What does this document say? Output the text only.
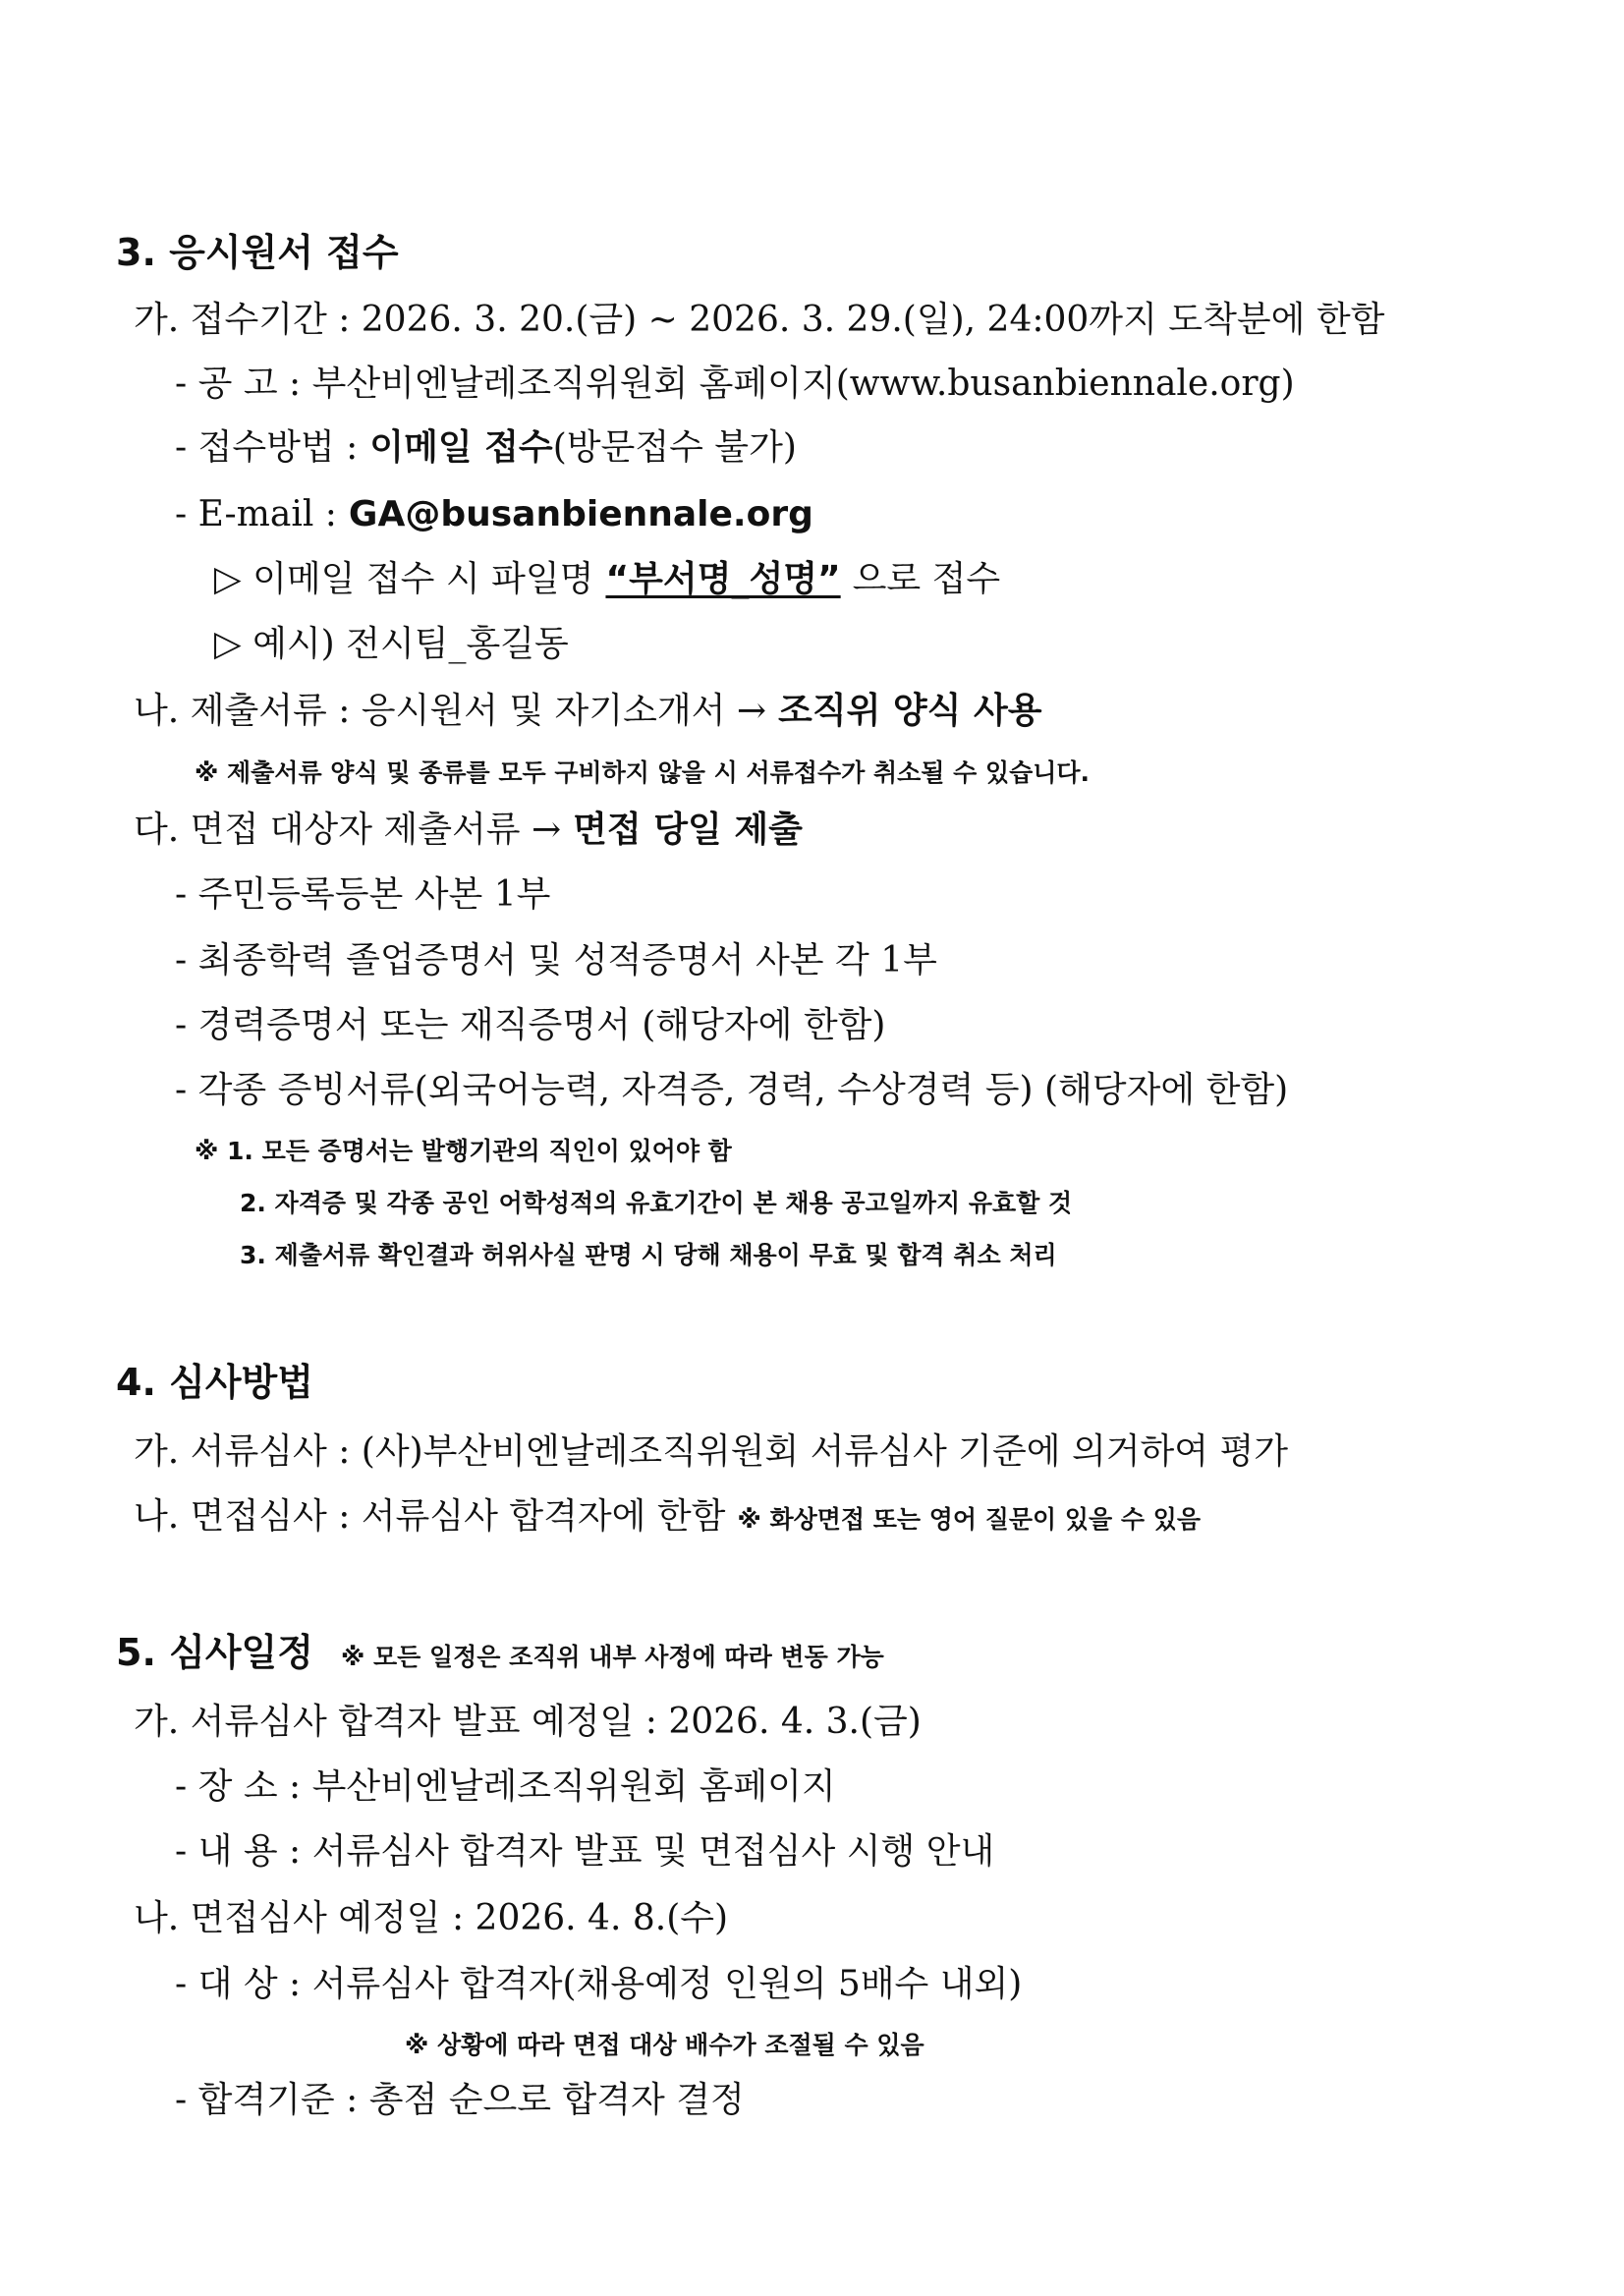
3. 응시원서 접수
가. 접수기간 : 2026. 3. 20.(금) ~ 2026. 3. 29.(일), 24:00까지 도착분에 한함
- 공 고 : 부산비엔날레조직위원회 홈페이지(www.busanbiennale.org)
- 접수방법 : 이메일 접수(방문접수 불가)
- E-mail : GA@busanbiennale.org
▷ 이메일 접수 시 파일명 “부서명_성명” 으로 접수
▷ 예시) 전시팀_홍길동
나. 제출서류 : 응시원서 및 자기소개서 → 조직위 양식 사용
※ 제출서류 양식 및 종류를 모두 구비하지 않을 시 서류접수가 취소될 수 있습니다.
다. 면접 대상자 제출서류 → 면접 당일 제출
- 주민등록등본 사본 1부
- 최종학력 졸업증명서 및 성적증명서 사본 각 1부
- 경력증명서 또는 재직증명서 (해당자에 한함)
- 각종 증빙서류(외국어능력, 자격증, 경력, 수상경력 등) (해당자에 한함)
※ 1. 모든 증명서는 발행기관의 직인이 있어야 함
2. 자격증 및 각종 공인 어학성적의 유효기간이 본 채용 공고일까지 유효할 것
3. 제출서류 확인결과 허위사실 판명 시 당해 채용이 무효 및 합격 취소 처리
4. 심사방법
가. 서류심사 : (사)부산비엔날레조직위원회 서류심사 기준에 의거하여 평가
나. 면접심사 : 서류심사 합격자에 한함 ※ 화상면접 또는 영어 질문이 있을 수 있음
5. 심사일정 ※ 모든 일정은 조직위 내부 사정에 따라 변동 가능
가. 서류심사 합격자 발표 예정일 : 2026. 4. 3.(금)
- 장 소 : 부산비엔날레조직위원회 홈페이지
- 내 용 : 서류심사 합격자 발표 및 면접심사 시행 안내
나. 면접심사 예정일 : 2026. 4. 8.(수)
- 대 상 : 서류심사 합격자(채용예정 인원의 5배수 내외)
※ 상황에 따라 면접 대상 배수가 조절될 수 있음
- 합격기준 : 총점 순으로 합격자 결정
